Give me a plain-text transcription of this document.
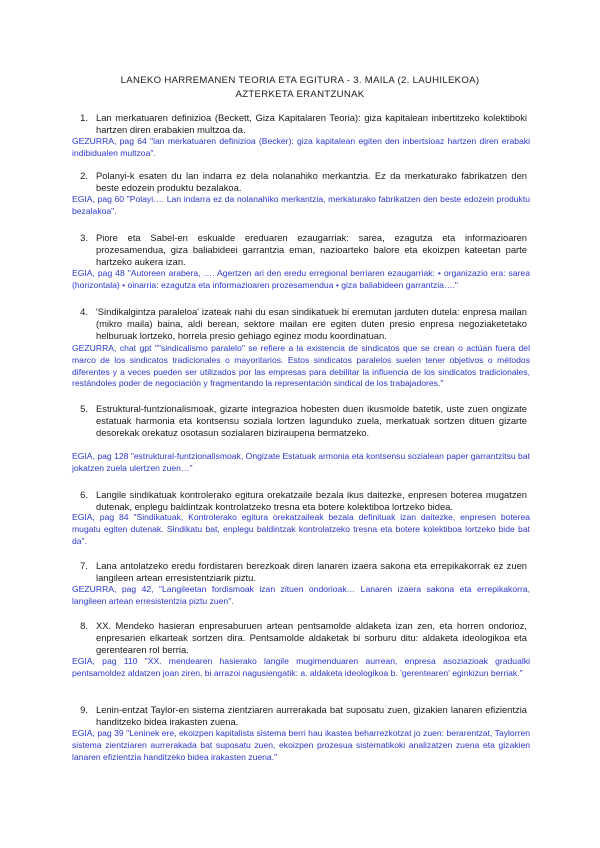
LANEKO HARREMANEN TEORIA ETA EGITURA - 3. MAILA (2. LAUHILEKOA)
AZTERKETA ERANTZUNAK
1. Lan merkatuaren definizioa (Beckett, Giza Kapitalaren Teoria): giza kapitalean inbertitzeko kolektiboki hartzen diren erabakien multzoa da.
GEZURRA, pag 64 "lan merkatuaren definizioa (Becker): giza kapitalean egiten den inbertsioaz hartzen diren erabaki indibidualen multzoa".
2. Polanyi-k esaten du lan indarra ez dela nolanahiko merkantzia. Ez da merkaturako fabrikatzen den beste edozein produktu bezalakoa.
EGIA, pag 60 "Polayi…. Lan indarra ez da nolanahiko merkantzia, merkaturako fabrikatzen den beste edozein produktu bezalakoa".
3. Piore eta Sabel-en eskualde ereduaren ezaugarriak: sarea, ezagutza eta informazioaren prozesamendua, giza baliabideei garrantzia eman, nazioarteko balore eta ekoizpen kateetan parte hartzeko aukera izan.
EGIA, pag 48 "Autoreen arabera, …. Agertzen ari den eredu erregional berriaren ezaugarriak: • organizazio era: sarea (horizontala) • oinarria: ezagutza eta informazioaren prozesamendua • giza baliabideen garrantzia…."
4. 'Sindikalgintza paraleloa' izateak nahi du esan sindikatuek bi eremutan jarduten dutela: enpresa mailan (mikro maila) baina, aldi berean, sektore mailan ere egiten duten presio enpresa negoziaketetako helburuak lortzeko, horrela presio gehiago eginez modu koordinatuan.
GEZURRA, chat gpt ""sindicalismo paralelo" se refiere a la existencia de sindicatos que se crean o actúan fuera del marco de los sindicatos tradicionales o mayoritarios. Estos sindicatos paralelos suelen tener objetivos o métodos diferentes y a veces pueden ser utilizados por las empresas para debilitar la influencia de los sindicatos tradicionales, restándoles poder de negociación y fragmentando la representación sindical de los trabajadores."
5. Estruktural-funtzionalismoak, gizarte integrazioa hobesten duen ikusmolde batetik, uste zuen ongizate estatuak harmonia eta kontsensu soziala lortzen lagunduko zuela, merkatuak sortzen dituen gizarte desorekak orekatuz osotasun sozialaren biziraupena bermatzeko.
EGIA, pag 128 "estruktural-funtzionalismoak, Ongizate Estatuak armonia eta kontsensu sozialean paper garrantzitsu bat jokatzen zuela ulertzen zuen…"
6. Langile sindikatuak kontrolerako egitura orekatzaile bezala ikus daitezke, enpresen boterea mugatzen dutenak, enplegu baldintzak kontrolatzeko tresna eta botere kolektiboa lortzeko bidea.
EGIA, pag 84 "Sindikatuak, Kontrolerako egitura orekatzaileak bezala definituak izan daitezke, enpresen boterea mugatu egiten dutenak. Sindikatu bat, enplegu baldintzak kontrolatzeko tresna eta botere kolektiboa lortzeko bide bat da".
7. Lana antolatzeko eredu fordistaren berezkoak diren lanaren izaera sakona eta errepikakorrak ez zuen langileen artean erresistentziarik piztu.
GEZURRA, pag 42, "Langileetan fordismoak izan zituen ondorioak… Lanaren izaera sakona eta errepikakorra, langileen artean erresistentzia piztu zuen".
8. XX. Mendeko hasieran enpresaburuen artean pentsamolde aldaketa izan zen, eta horren ondorioz, enpresarien elkarteak sortzen dira. Pentsamolde aldaketak bi sorburu ditu: aldaketa ideologikoa eta gerentearen rol berria.
EGIA, pag 110 "XX. mendearen hasierako langile mugimenduaren aurrean, enpresa asoziazioak gradualki pentsamoldez aldatzen joan ziren, bi arrazoi nagusiengatik: a. aldaketa ideologikoa b. 'gerentearen' eginkizun berriak."
9. Lenin-entzat Taylor-en sistema zientziaren aurrerakada bat suposatu zuen, gizakien lanaren efizientzia handitzeko bidea irakasten zuena.
EGIA, pag 39 "Leninek ere, ekoizpen kapitalista sistema berri hau ikastea beharrezkotzat jo zuen: berarentzat, Taylorren sistema zientziaren aurrerakada bat suposatu zuen, ekoizpen prozesua sistematikoki analizatzen zuena eta gizakien lanaren efizientzia handitzeko bidea irakasten zuena."
